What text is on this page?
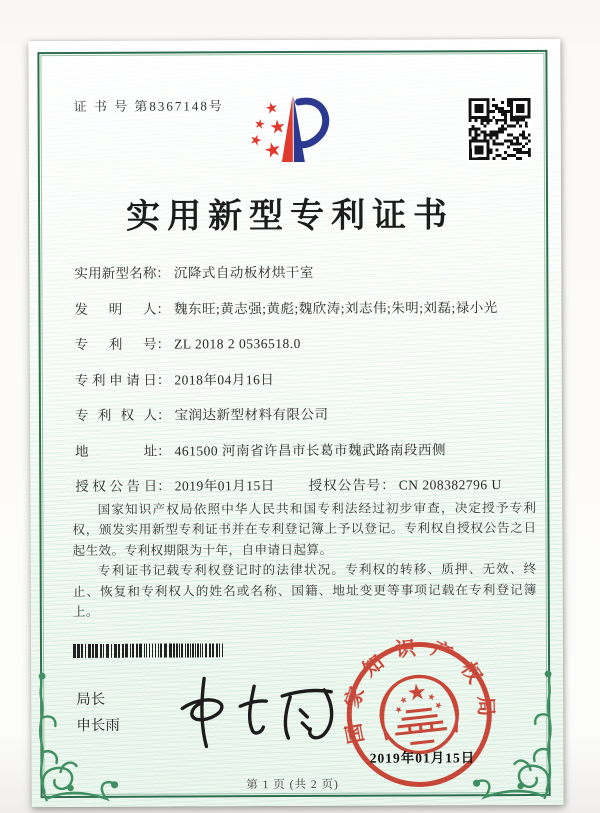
证 书 号 第8367148号
实用新型专利证书
实用新型名称： 沉降式自动板材烘干室
发明人： 魏东旺;黄志强;黄彪;魏欣涛;刘志伟;朱明;刘磊;禄小光
专利号： ZL 2018 2 0536518.0
专利申请日： 2018年04月16日
专利权人： 宝润达新型材料有限公司
地址： 461500 河南省许昌市长葛市魏武路南段西侧
授权公告日： 2019年01月15日	授权公告号： CN 208382796 U

国家知识产权局依照中华人民共和国专利法经过初步审查，决定授予专利权，颁发实用新型专利证书并在专利登记簿上予以登记。专利权自授权公告之日起生效。专利权期限为十年，自申请日起算。

专利证书记载专利权登记时的法律状况。专利权的转移、质押、无效、终止、恢复和专利权人的姓名或名称、国籍、地址变更等事项记载在专利登记簿上。

局长
申长雨	国家知识产权局
2019年01月15日
第 1 页 (共 2 页)
